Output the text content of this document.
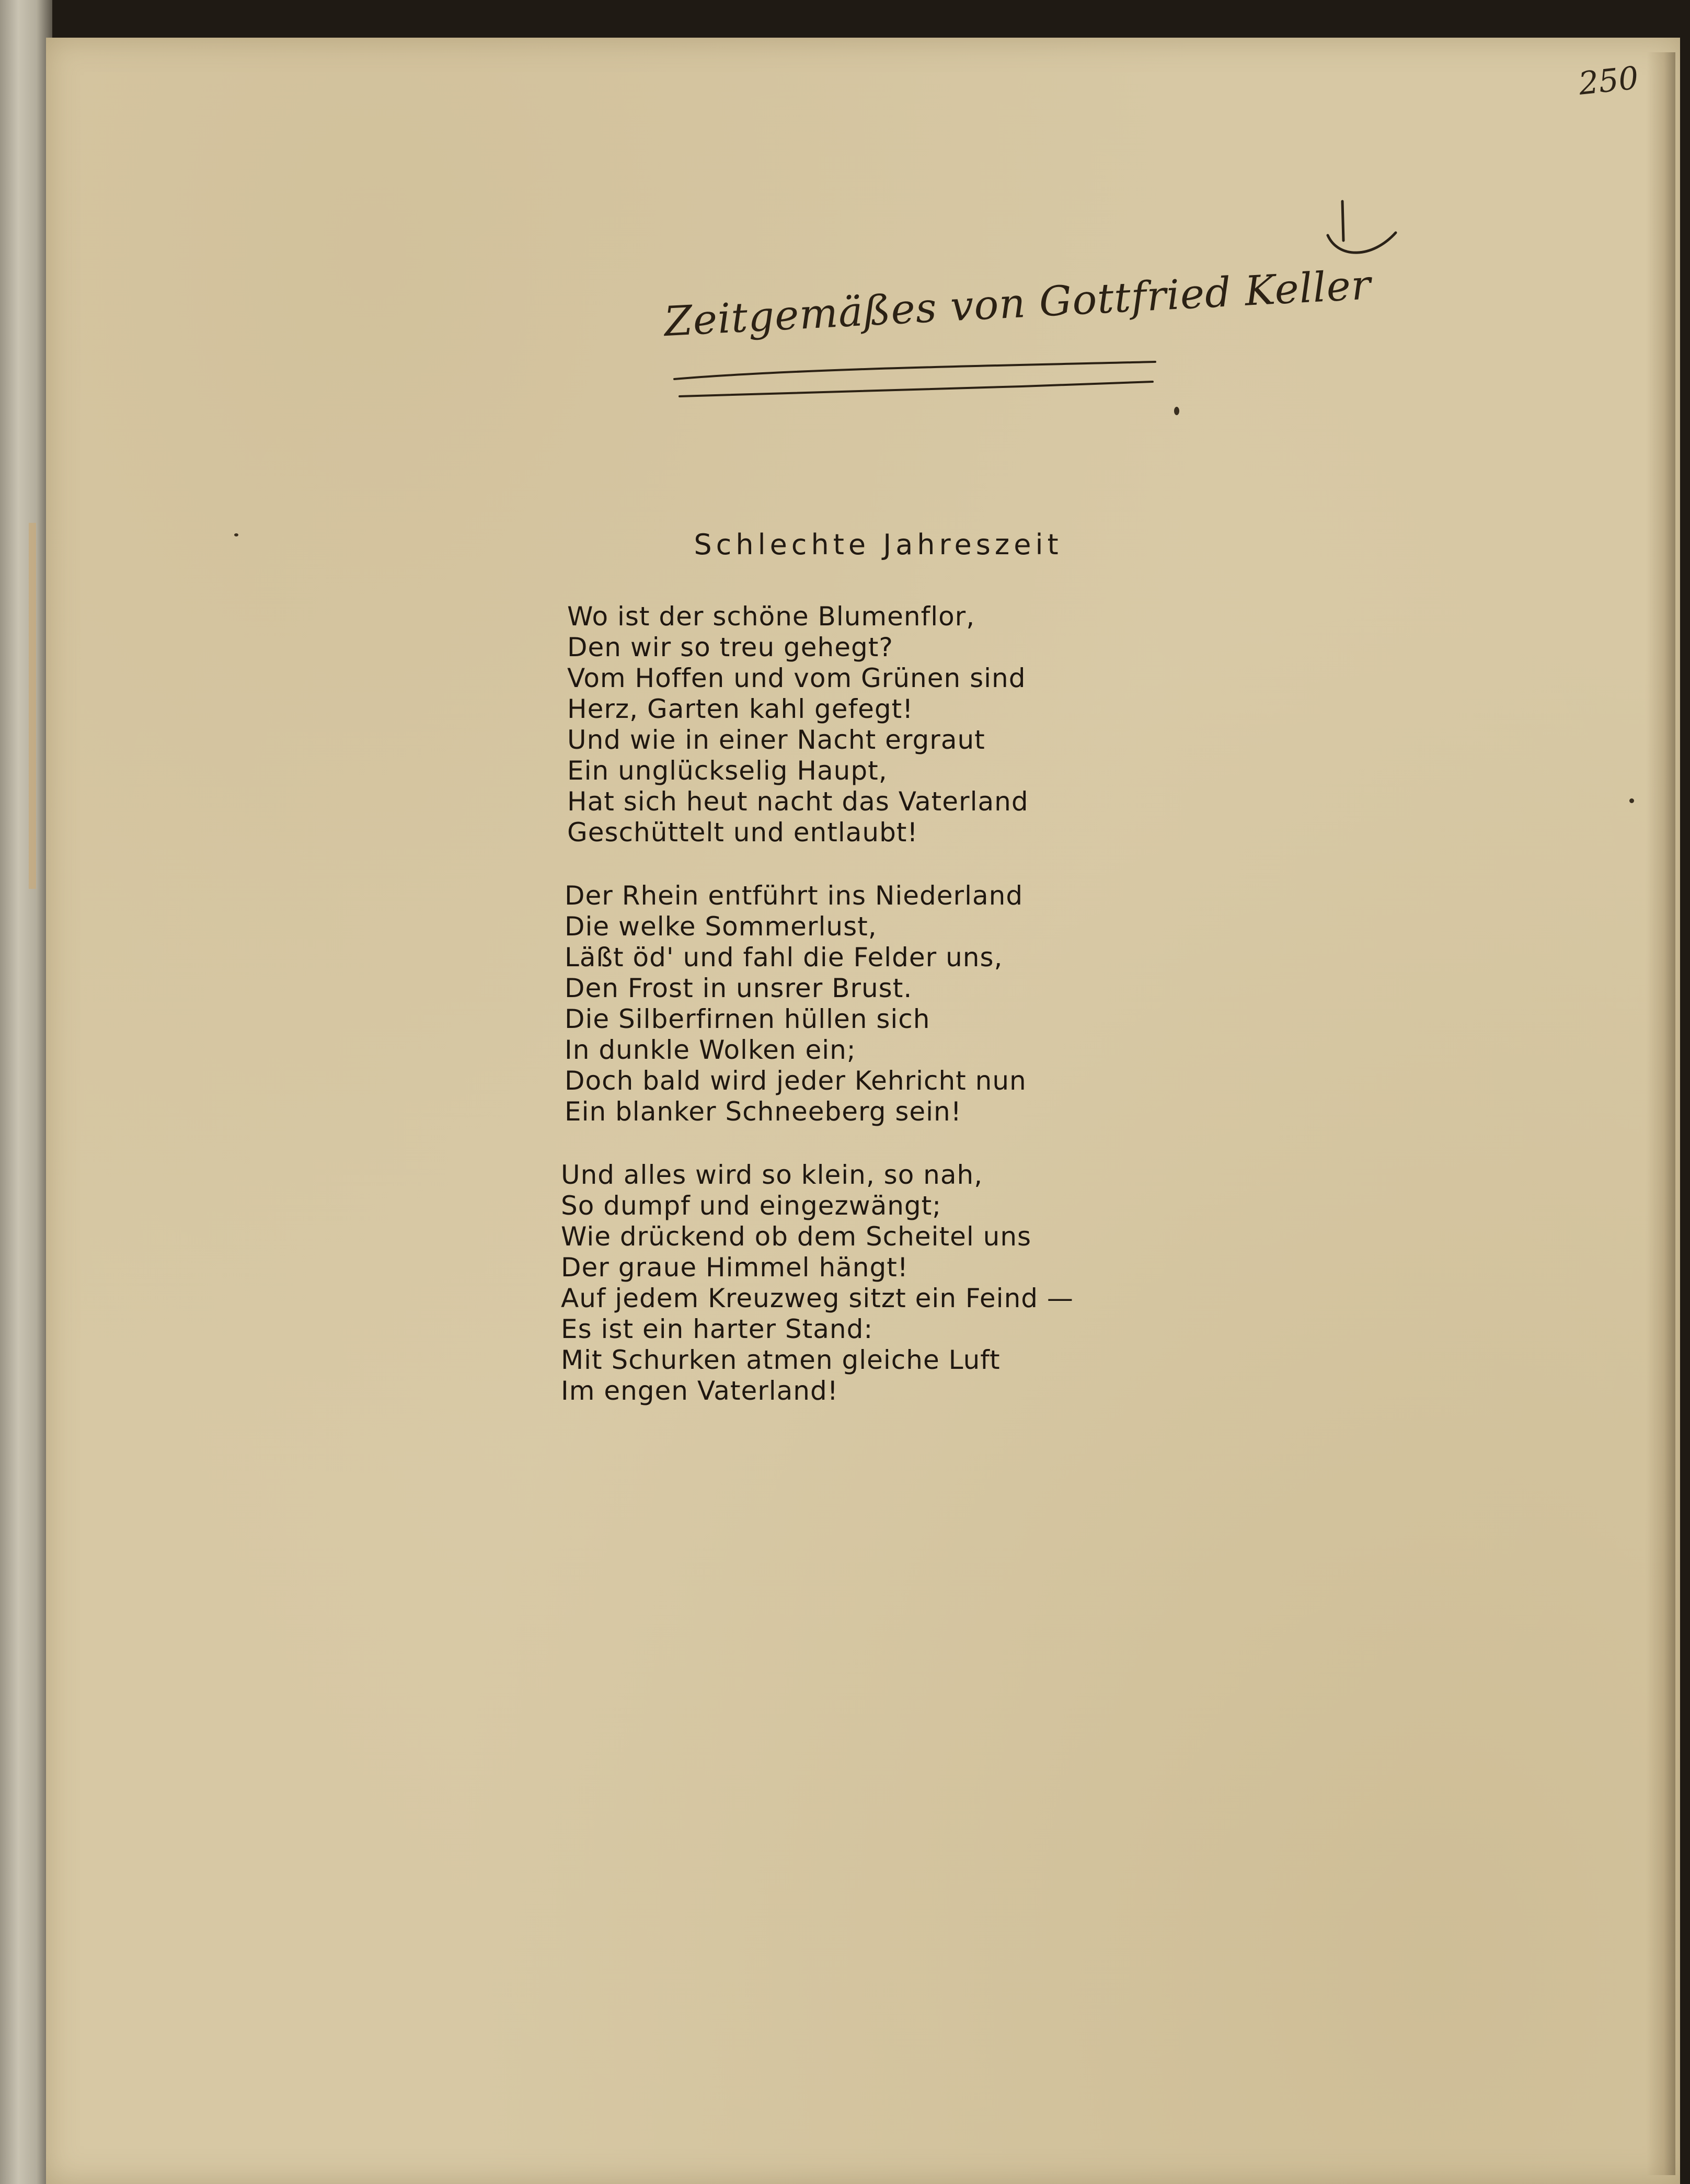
250
Zeitgemäßes von Gottfried Keller
Schlechte Jahreszeit
Wo ist der schöne Blumenflor,
Den wir so treu gehegt?
Vom Hoffen und vom Grünen sind
Herz, Garten kahl gefegt!
Und wie in einer Nacht ergraut
Ein unglückselig Haupt,
Hat sich heut nacht das Vaterland
Geschüttelt und entlaubt!
Der Rhein entführt ins Niederland
Die welke Sommerlust,
Läßt öd' und fahl die Felder uns,
Den Frost in unsrer Brust.
Die Silberfirnen hüllen sich
In dunkle Wolken ein;
Doch bald wird jeder Kehricht nun
Ein blanker Schneeberg sein!
Und alles wird so klein, so nah,
So dumpf und eingezwängt;
Wie drückend ob dem Scheitel uns
Der graue Himmel hängt!
Auf jedem Kreuzweg sitzt ein Feind —
Es ist ein harter Stand:
Mit Schurken atmen gleiche Luft
Im engen Vaterland!
